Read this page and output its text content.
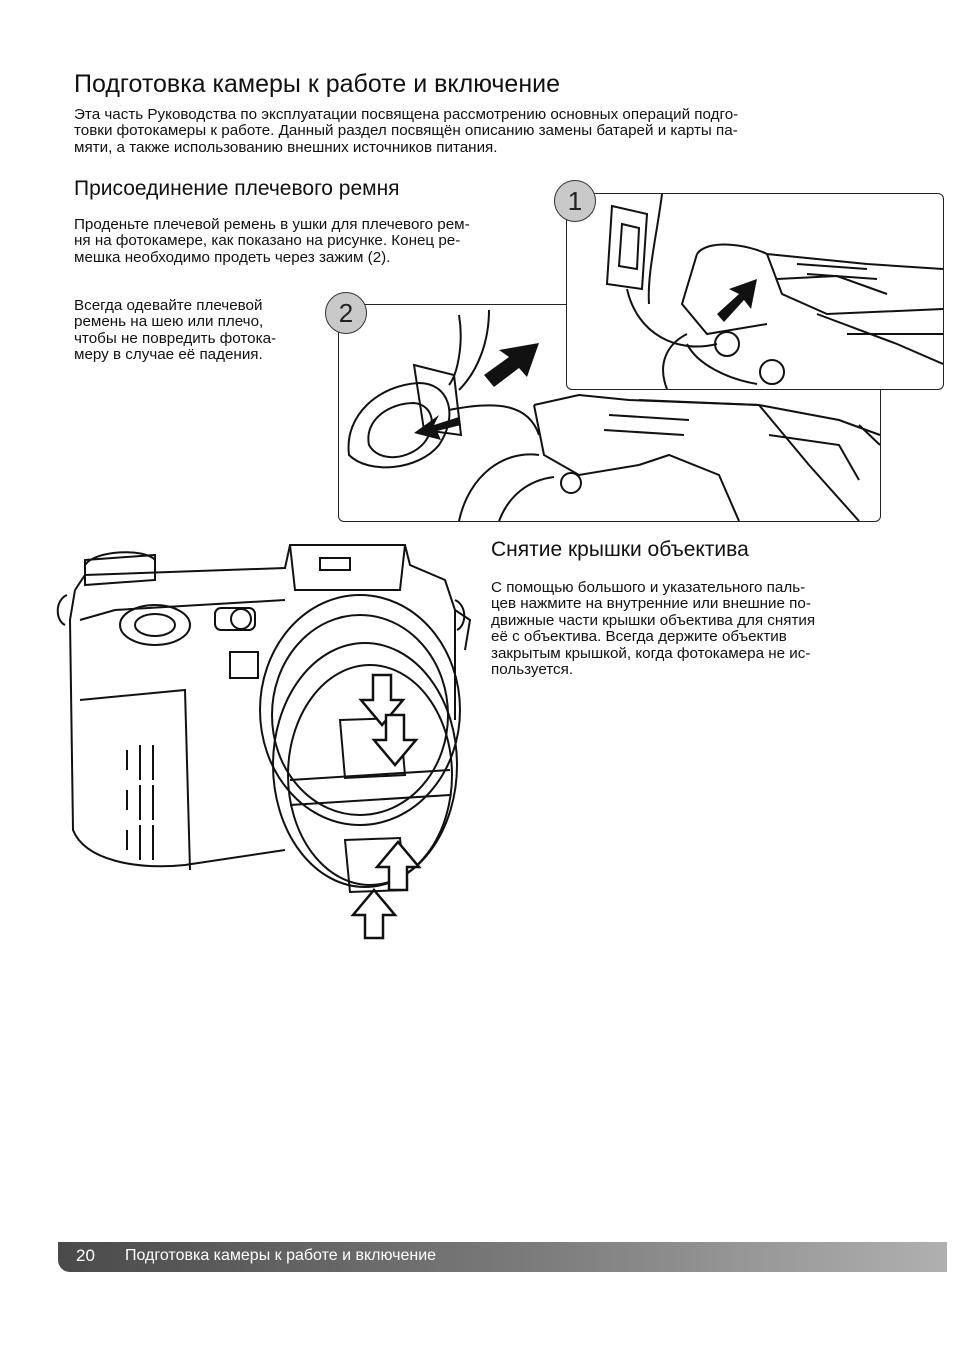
Подготовка камеры к работе и включение
Эта часть Руководства по эксплуатации посвящена рассмотрению основных операций подго-
товки фотокамеры к работе. Данный раздел посвящён описанию замены батарей и карты па-
мяти, а также использованию внешних источников питания.
Присоединение плечевого ремня
Проденьте плечевой ремень в ушки для плечевого рем-
ня на фотокамере, как показано на рисунке. Конец ре-
мешка необходимо продеть через зажим (2).
Всегда одевайте плечевой
ремень на шею или плечо,
чтобы не повредить фотока-
меру в случае её падения.
1
2
Снятие крышки объектива
С помощью большого и указательного паль-
цев нажмите на внутренние или внешние по-
движные части крышки объектива для снятия
её с объектива. Всегда держите объектив
закрытым крышкой, когда фотокамера не ис-
пользуется.
20 Подготовка камеры к работе и включение
